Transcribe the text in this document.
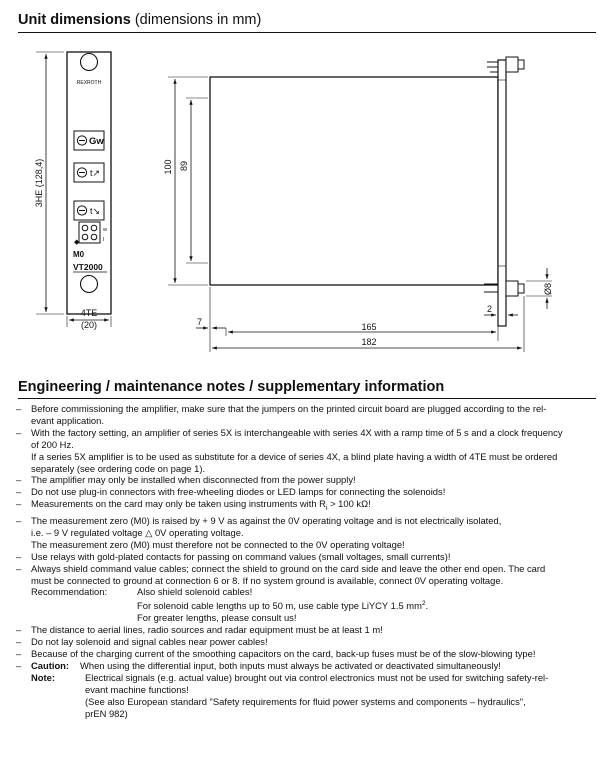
Unit dimensions (dimensions in mm)
REXROTH
Gw
t↗
t↘
w
I
◆
M0
VT2000
3HE (128,4)
4TE
(20)
100 89
7	165
182
2
Ø8
Engineering / maintenance notes / supplementary information
– Before commissioning the amplifier, make sure that the jumpers on the printed circuit board are plugged according to the rel-
evant application.
– With the factory setting, an amplifier of series 5X is interchangeable with series 4X with a ramp time of 5 s and a clock frequency
of 200 Hz.
If a series 5X amplifier is to be used as substitute for a device of series 4X, a blind plate having a width of 4TE must be ordered
separately (see ordering code on page 1).
– The amplifier may only be installed when disconnected from the power supply!
– Do not use plug-in connectors with free-wheeling diodes or LED lamps for connecting the solenoids!
– Measurements on the card may only be taken using instruments with $R_i > 100$ kΩ!
– The measurement zero (M0) is raised by + 9 V as against the 0V operating voltage and is not electrically isolated,
i.e. – 9 V regulated voltage △ 0V operating voltage.
The measurement zero (M0) must therefore not be connected to the 0V operating voltage!
– Use relays with gold-plated contacts for passing on command values (small voltages, small currents)!
– Always shield command value cables; connect the shield to ground on the card side and leave the other end open. The card
must be connected to ground at connection 6 or 8. If no system ground is available, connect 0V operating voltage.
Recommendation:	Also shield solenoid cables!
For solenoid cable lengths up to 50 m, use cable type LiYCY 1.5 $mm^2$.
For greater lengths, please consult us!
– The distance to aerial lines, radio sources and radar equipment must be at least 1 m!
– Do not lay solenoid and signal cables near power cables!
– Because of the charging current of the smoothing capacitors on the card, back-up fuses must be of the slow-blowing type!
– Caution:	When using the differential input, both inputs must always be activated or deactivated simultaneously!
Note:	Electrical signals (e.g. actual value) brought out via control electronics must not be used for switching safety-rel-
evant machine functions!
(See also European standard "Safety requirements for fluid power systems and components – hydraulics",
prEN 982)
